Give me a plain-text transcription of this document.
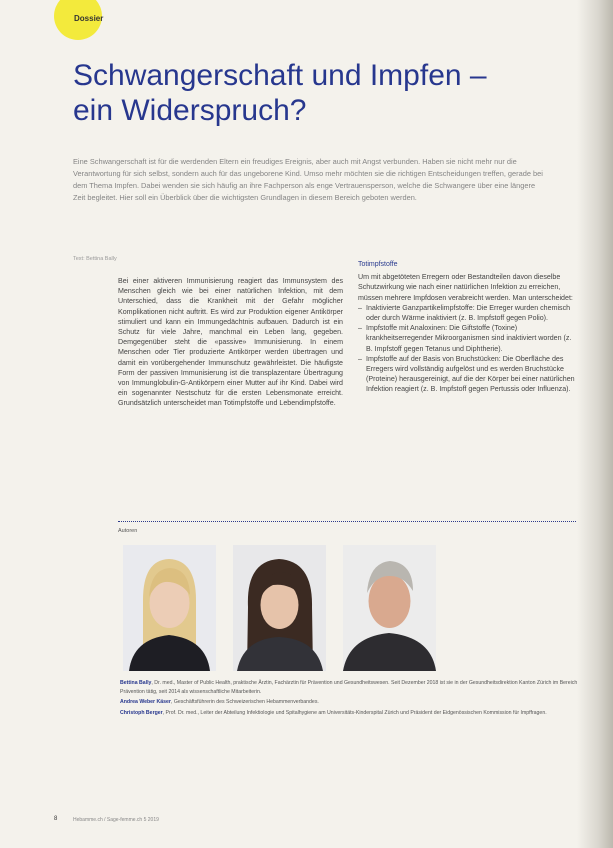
Dossier
Schwangerschaft und Impfen –
ein Widerspruch?

Eine Schwangerschaft ist für die werdenden Eltern ein freudiges Ereignis, aber auch mit Angst verbunden. Haben sie nicht mehr nur die Verantwortung für sich selbst, sondern auch für das ungeborene Kind. Umso mehr möchten sie die richtigen Entscheidungen treffen, gerade bei dem Thema Impfen. Dabei wenden sie sich häufig an ihre Fachperson als enge Vertrauensperson, welche die Schwangere über eine längere Zeit begleitet. Hier soll ein Überblick über die wichtigsten Grundlagen in diesem Bereich geboten werden.

Text: Bettina Bally
Bei einer aktiveren Immunisierung reagiert das Immunsystem des Menschen gleich wie bei einer natürlichen Infektion, mit dem Unterschied, dass die Krankheit mit der Gefahr möglicher Komplikationen nicht auftritt. Es wird zur Produktion eigener Antikörper stimuliert und kann ein Immungedächtnis aufbauen. Dadurch ist ein Schutz für viele Jahre, manchmal ein Leben lang, gegeben. Demgegenüber steht die «passive» Immunisierung. In einem Menschen oder Tier produzierte Antikörper werden übertragen und damit ein vorübergehender Immunschutz gewährleistet. Die häufigste Form der passiven Immunisierung ist die transplazentare Übertragung von Immunglobulin-G-Antikörpern einer Mutter auf ihr Kind. Dabei wird ein sogenannter Nestschutz für die ersten Lebensmonate erreicht. Grundsätzlich unterscheidet man Totimpfstoffe und Lebendimpfstoffe.
Totimpfstoffe
Um mit abgetöteten Erregern oder Bestandteilen davon dieselbe Schutzwirkung wie nach einer natürlichen Infektion zu erreichen, müssen mehrere Impfdosen verabreicht werden. Man unterscheidet:
– Inaktivierte Ganzpartikelimpfstoffe: Die Erreger wurden chemisch oder durch Wärme inaktiviert (z. B. Impfstoff gegen Polio).
– Impfstoffe mit Analoxinen: Die Giftstoffe (Toxine) krankheitserregender Mikroorganismen sind inaktiviert worden (z. B. Impfstoff gegen Tetanus und Diphtherie).
– Impfstoffe auf der Basis von Bruchstücken: Die Oberfläche des Erregers wird vollständig aufgelöst und es werden Bruchstücke (Proteine) herausgereinigt, auf die der Körper bei einer natürlichen Infektion reagiert (z. B. Impfstoff gegen Pertussis oder Influenza).
Autoren

Bettina Bally, Dr. med., Master of Public Health, praktische Ärztin, Fachärztin für Prävention und Gesundheitswesen. Seit Dezember 2018 ist sie in der Gesundheitsdirektion Kanton Zürich im Bereich Prävention tätig, seit 2014 als wissenschaftliche Mitarbeiterin.

Andrea Weber Käser, Geschäftsführerin des Schweizerischen Hebammenverbandes.

Christoph Berger, Prof. Dr. med., Leiter der Abteilung Infektiologie und Spitalhygiene am Universitäts-Kinderspital Zürich und Präsident der Eidgenössischen Kommission für Impffragen.

8	Hebamme.ch / Sage-femme.ch 5 2019
